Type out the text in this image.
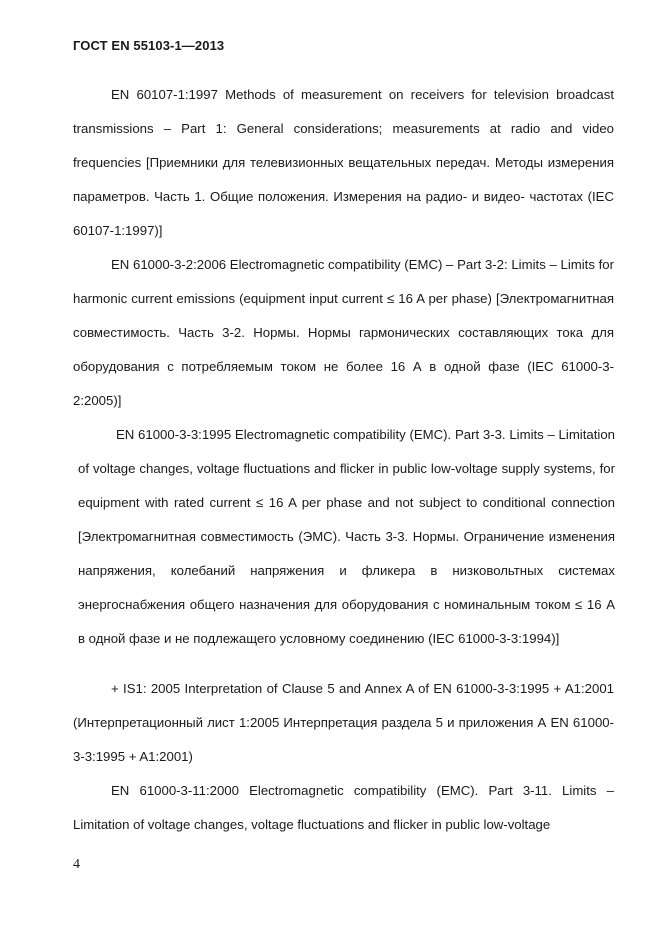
ГОСТ EN 55103-1—2013

EN 60107-1:1997 Methods of measurement on receivers for television broadcast transmissions – Part 1: General considerations; measurements at radio and video frequencies [Приемники для телевизионных вещательных передач. Методы измерения параметров. Часть 1. Общие положения. Измерения на радио- и видео- частотах (IEC 60107-1:1997)]

EN 61000-3-2:2006 Electromagnetic compatibility (EMC) – Part 3-2: Limits – Limits for harmonic current emissions (equipment input current ≤ 16 A per phase) [Электромагнитная совместимость. Часть 3-2. Нормы. Нормы гармонических составляющих тока для оборудования с потребляемым током не более 16 А в одной фазе (IEC 61000-3-2:2005)]

EN 61000-3-3:1995 Electromagnetic compatibility (EMC). Part 3-3. Limits – Limitation of voltage changes, voltage fluctuations and flicker in public low-voltage supply systems, for equipment with rated current ≤ 16 A per phase and not subject to conditional connection [Электромагнитная совместимость (ЭМС). Часть 3-3. Нормы. Ограничение изменения напряжения, колебаний напряжения и фликера в низковольтных системах энергоснабжения общего назначения для оборудования с номинальным током ≤ 16 А в одной фазе и не подлежащего условному соединению (IEC 61000-3-3:1994)]

+ IS1: 2005 Interpretation of Clause 5 and Annex A of EN 61000-3-3:1995 + A1:2001 (Интерпретационный лист 1:2005 Интерпретация раздела 5 и приложения А EN 61000-3-3:1995 + A1:2001)

EN 61000-3-11:2000 Electromagnetic compatibility (EMC). Part 3-11. Limits – Limitation of voltage changes, voltage fluctuations and flicker in public low-voltage

4
